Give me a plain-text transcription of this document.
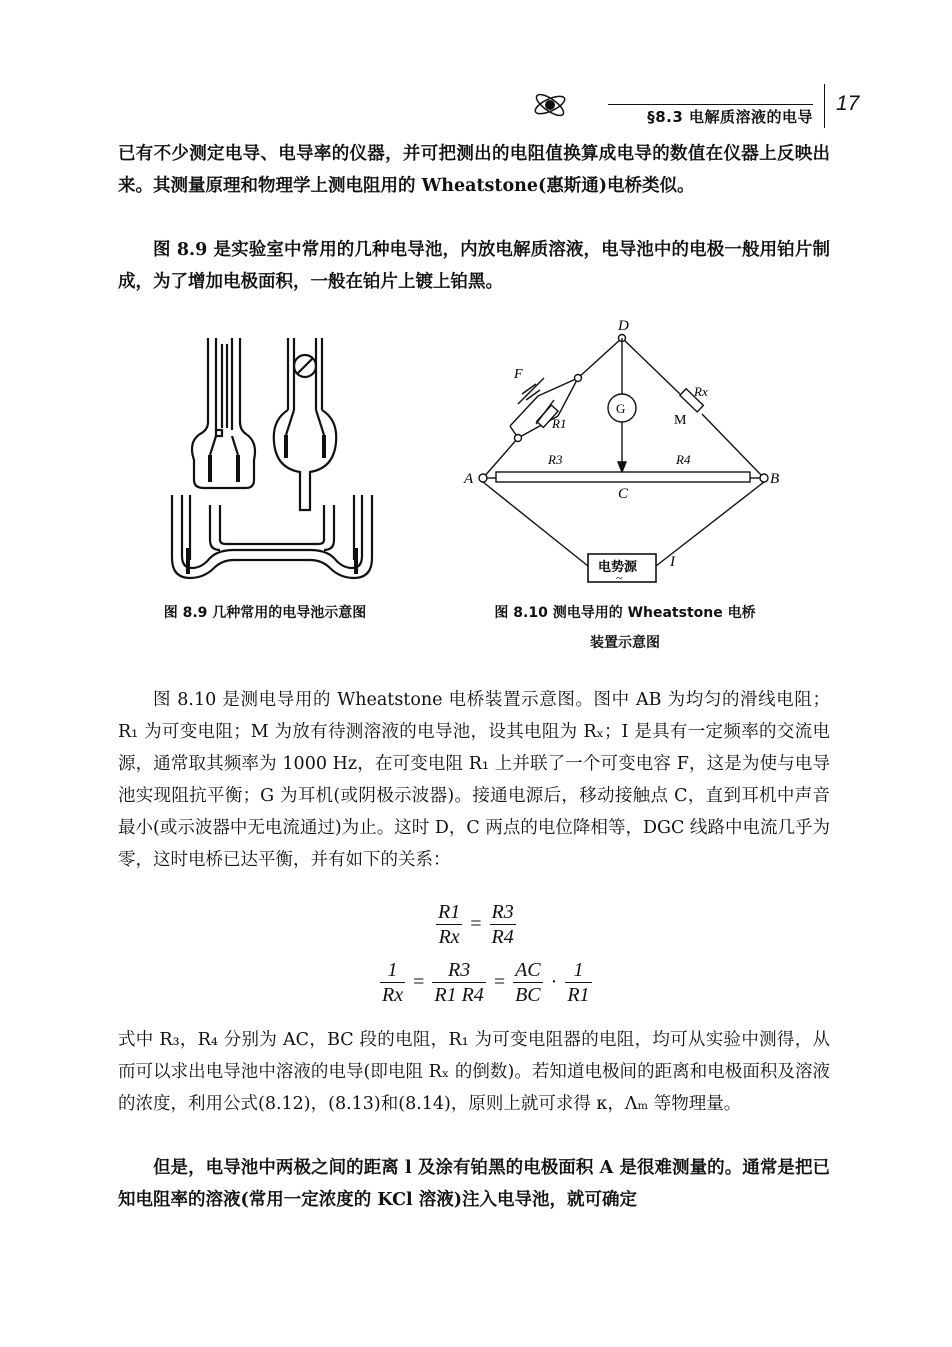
§8.3 电解质溶液的电导
17

已有不少测定电导、电导率的仪器，并可把测出的电阻值换算成电导的数值在仪器上反映出来。其测量原理和物理学上测电阻用的 Wheatstone(惠斯通)电桥类似。

图 8.9 是实验室中常用的几种电导池，内放电解质溶液，电导池中的电极一般用铂片制成，为了增加电极面积，一般在铂片上镀上铂黑。

D
A	B
C
F
G
M
I
R1
Rx
R3	R4
电势源
~
图 8.9 几种常用的电导池示意图	图 8.10 测电导用的 Wheatstone 电桥
装置示意图

图 8.10 是测电导用的 Wheatstone 电桥装置示意图。图中 AB 为均匀的滑线电阻；R₁ 为可变电阻；M 为放有待测溶液的电导池，设其电阻为 Rₓ；I 是具有一定频率的交流电源，通常取其频率为 1000 Hz，在可变电阻 R₁ 上并联了一个可变电容 F，这是为使与电导池实现阻抗平衡；G 为耳机(或阴极示波器)。接通电源后，移动接触点 C，直到耳机中声音最小(或示波器中无电流通过)为止。这时 D，C 两点的电位降相等，DGC 线路中电流几乎为零，这时电桥已达平衡，并有如下的关系：

$\frac{R1}{Rx} = \frac{R3}{R4}$
$\frac{1}{Rx} = \frac{R3}{R1 R4} = \frac{AC}{BC} \cdot \frac{1}{R1}$

式中 R₃，R₄ 分别为 AC，BC 段的电阻，R₁ 为可变电阻器的电阻，均可从实验中测得，从而可以求出电导池中溶液的电导(即电阻 Rₓ 的倒数)。若知道电极间的距离和电极面积及溶液的浓度，利用公式(8.12)，(8.13)和(8.14)，原则上就可求得 κ，Λₘ 等物理量。

但是，电导池中两极之间的距离 l 及涂有铂黑的电极面积 A 是很难测量的。通常是把已知电阻率的溶液(常用一定浓度的 KCl 溶液)注入电导池，就可确定
